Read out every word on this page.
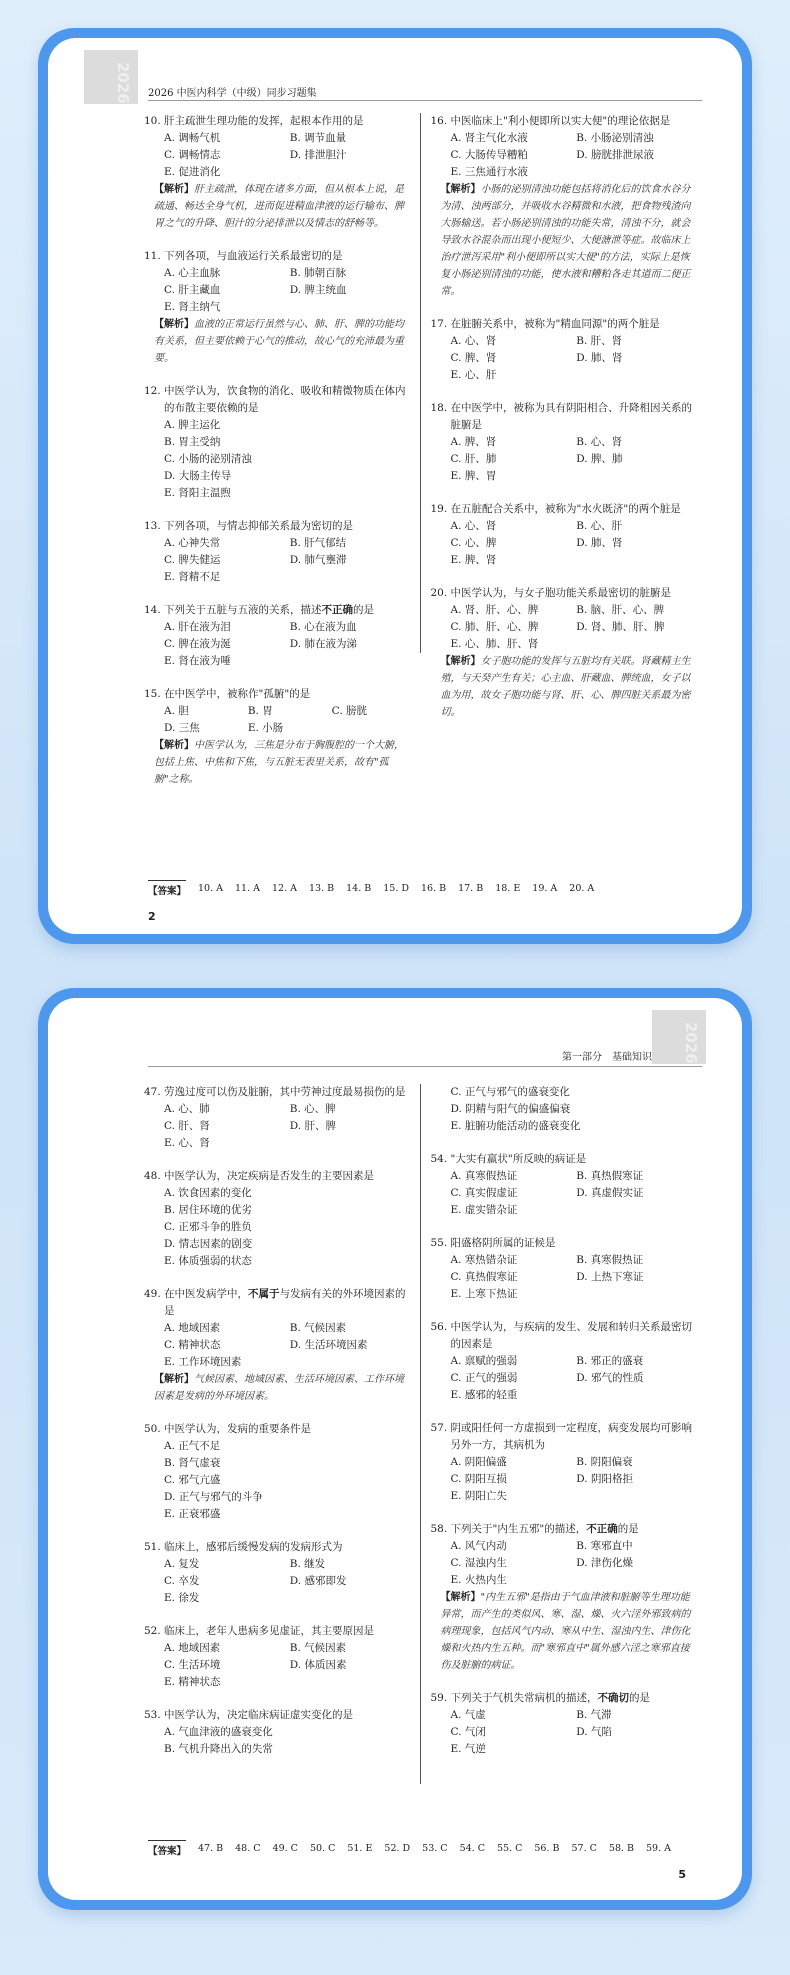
2026	2026 中医内科学（中级）同步习题集
10. 肝主疏泄生理功能的发挥，起根本作用的是
A. 调畅气机	B. 调节血量
C. 调畅情志	D. 排泄胆汁
E. 促进消化
【解析】肝主疏泄，体现在诸多方面，但从根本上说，是疏通、畅达全身气机，进而促进精血津液的运行输布、脾胃之气的升降、胆汁的分泌排泄以及情志的舒畅等。
11. 下列各项，与血液运行关系最密切的是
A. 心主血脉	B. 肺朝百脉
C. 肝主藏血	D. 脾主统血
E. 肾主纳气
【解析】血液的正常运行虽然与心、肺、肝、脾的功能均有关系，但主要依赖于心气的推动，故心气的充沛最为重要。
12. 中医学认为，饮食物的消化、吸收和精微物质在体内的布散主要依赖的是
A. 脾主运化
B. 胃主受纳
C. 小肠的泌别清浊
D. 大肠主传导
E. 肾阳主温煦
13. 下列各项，与情志抑郁关系最为密切的是
A. 心神失常	B. 肝气郁结
C. 脾失健运	D. 肺气壅滞
E. 肾精不足
14. 下列关于五脏与五液的关系，描述不正确的是
A. 肝在液为泪	B. 心在液为血
C. 脾在液为涎	D. 肺在液为涕
E. 肾在液为唾
15. 在中医学中，被称作"孤腑"的是
A. 胆	B. 胃	C. 膀胱
D. 三焦	E. 小肠
【解析】中医学认为，三焦是分布于胸腹腔的一个大腑，包括上焦、中焦和下焦，与五脏无表里关系，故有"孤腑"之称。
16. 中医临床上"利小便即所以实大便"的理论依据是
A. 肾主气化水液	B. 小肠泌别清浊
C. 大肠传导糟粕	D. 膀胱排泄尿液
E. 三焦通行水液
【解析】小肠的泌别清浊功能包括将消化后的饮食水谷分为清、浊两部分，并吸收水谷精微和水液，把食物残渣向大肠输送。若小肠泌别清浊的功能失常，清浊不分，就会导致水谷混杂而出现小便短少、大便溏泄等症。故临床上治疗泄泻采用"利小便即所以实大便"的方法，实际上是恢复小肠泌别清浊的功能，使水液和糟粕各走其道而二便正常。
17. 在脏腑关系中，被称为"精血同源"的两个脏是
A. 心、肾	B. 肝、肾
C. 脾、肾	D. 肺、肾
E. 心、肝
18. 在中医学中，被称为具有阴阳相合、升降相因关系的脏腑是
A. 脾、肾	B. 心、肾
C. 肝、肺	D. 脾、肺
E. 脾、胃
19. 在五脏配合关系中，被称为"水火既济"的两个脏是
A. 心、肾	B. 心、肝
C. 心、脾	D. 肺、肾
E. 脾、肾
20. 中医学认为，与女子胞功能关系最密切的脏腑是
A. 肾、肝、心、脾	B. 脑、肝、心、脾
C. 肺、肝、心、脾	D. 肾、肺、肝、脾
E. 心、肺、肝、肾
【解析】女子胞功能的发挥与五脏均有关联。肾藏精主生殖，与天癸产生有关；心主血、肝藏血、脾统血，女子以血为用，故女子胞功能与肾、肝、心、脾四脏关系最为密切。
【答案】 10. A 11. A 12. A 13. B 14. B 15. D 16. B 17. B 18. E 19. A 20. A
2
2026
第一部分　基础知识
47. 劳逸过度可以伤及脏腑，其中劳神过度最易损伤的是
A. 心、肺	B. 心、脾
C. 肝、肾	D. 肝、脾
E. 心、肾
48. 中医学认为，决定疾病是否发生的主要因素是
A. 饮食因素的变化
B. 居住环境的优劣
C. 正邪斗争的胜负
D. 情志因素的剧变
E. 体质强弱的状态
49. 在中医发病学中，不属于与发病有关的外环境因素的是
A. 地域因素	B. 气候因素
C. 精神状态	D. 生活环境因素
E. 工作环境因素
【解析】气候因素、地域因素、生活环境因素、工作环境因素是发病的外环境因素。
50. 中医学认为，发病的重要条件是
A. 正气不足
B. 肾气虚衰
C. 邪气亢盛
D. 正气与邪气的斗争
E. 正衰邪盛
51. 临床上，感邪后缓慢发病的发病形式为
A. 复发	B. 继发
C. 卒发	D. 感邪即发
E. 徐发
52. 临床上，老年人患病多见虚证，其主要原因是
A. 地域因素	B. 气候因素
C. 生活环境	D. 体质因素
E. 精神状态
53. 中医学认为，决定临床病证虚实变化的是
A. 气血津液的盛衰变化
B. 气机升降出入的失常
C. 正气与邪气的盛衰变化
D. 阴精与阳气的偏盛偏衰
E. 脏腑功能活动的盛衰变化
54. "大实有羸状"所反映的病证是
A. 真寒假热证	B. 真热假寒证
C. 真实假虚证	D. 真虚假实证
E. 虚实错杂证
55. 阳盛格阴所属的证候是
A. 寒热错杂证	B. 真寒假热证
C. 真热假寒证	D. 上热下寒证
E. 上寒下热证
56. 中医学认为，与疾病的发生、发展和转归关系最密切的因素是
A. 禀赋的强弱	B. 邪正的盛衰
C. 正气的强弱	D. 邪气的性质
E. 感邪的轻重
57. 阴或阳任何一方虚损到一定程度，病变发展均可影响另外一方，其病机为
A. 阴阳偏盛	B. 阴阳偏衰
C. 阴阳互损	D. 阴阳格拒
E. 阴阳亡失
58. 下列关于"内生五邪"的描述，不正确的是
A. 风气内动	B. 寒邪直中
C. 湿浊内生	D. 津伤化燥
E. 火热内生
【解析】"内生五邪"是指由于气血津液和脏腑等生理功能异常，而产生的类似风、寒、湿、燥、火六淫外邪致病的病理现象，包括风气内动、寒从中生、湿浊内生、津伤化燥和火热内生五种。而"寒邪直中"属外感六淫之寒邪直接伤及脏腑的病证。
59. 下列关于气机失常病机的描述，不确切的是
A. 气虚	B. 气滞
C. 气闭	D. 气陷
E. 气逆
【答案】 47. B 48. C 49. C 50. C 51. E 52. D 53. C 54. C 55. C 56. B 57. C 58. B 59. A
5
